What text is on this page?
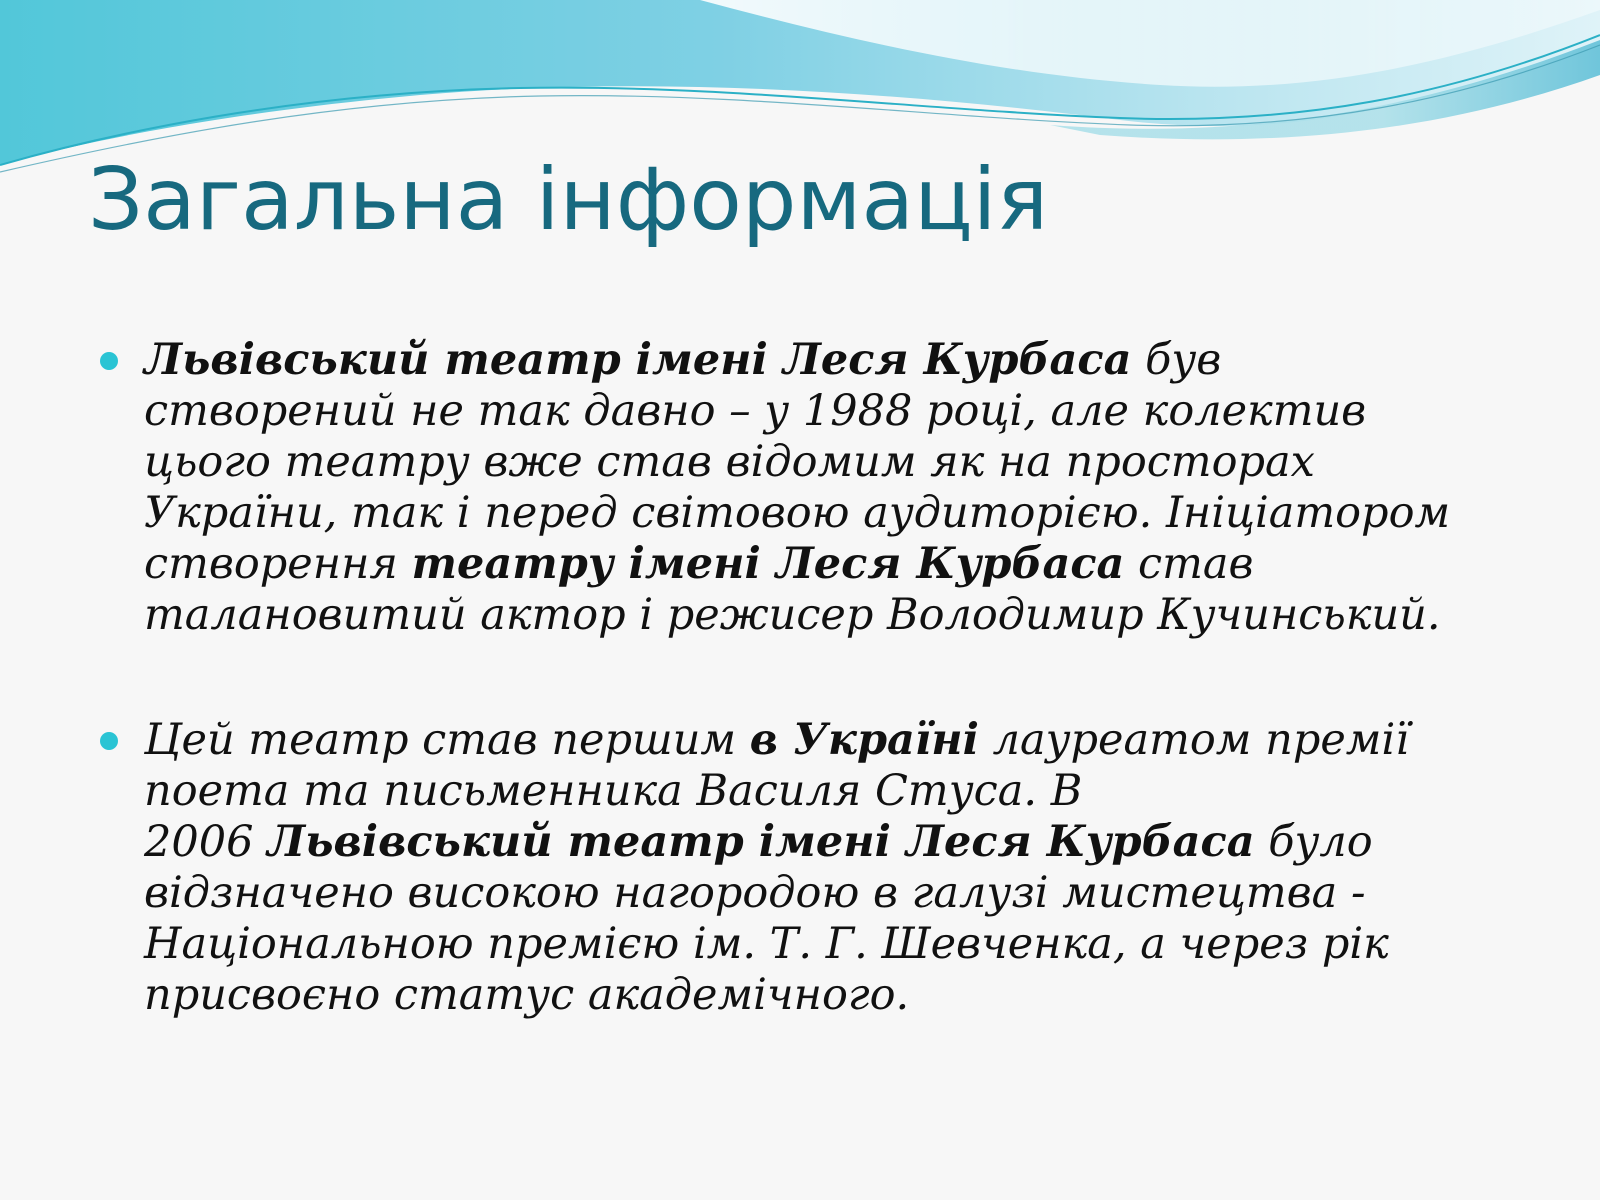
Загальна інформація
Львівський театр імені Леся Курбаса був
створений не так давно – у 1988 році, але колектив
цього театру вже став відомим як на просторах
України, так і перед світовою аудиторією. Ініціатором
створення театру імені Леся Курбаса став
талановитий актор і режисер Володимир Кучинський.
Цей театр став першим в Україні лауреатом премії
поета та письменника Василя Стуса. В
2006 Львівський театр імені Леся Курбаса було
відзначено високою нагородою в галузі мистецтва -
Національною премією ім. Т. Г. Шевченка, а через рік
присвоєно статус академічного.
